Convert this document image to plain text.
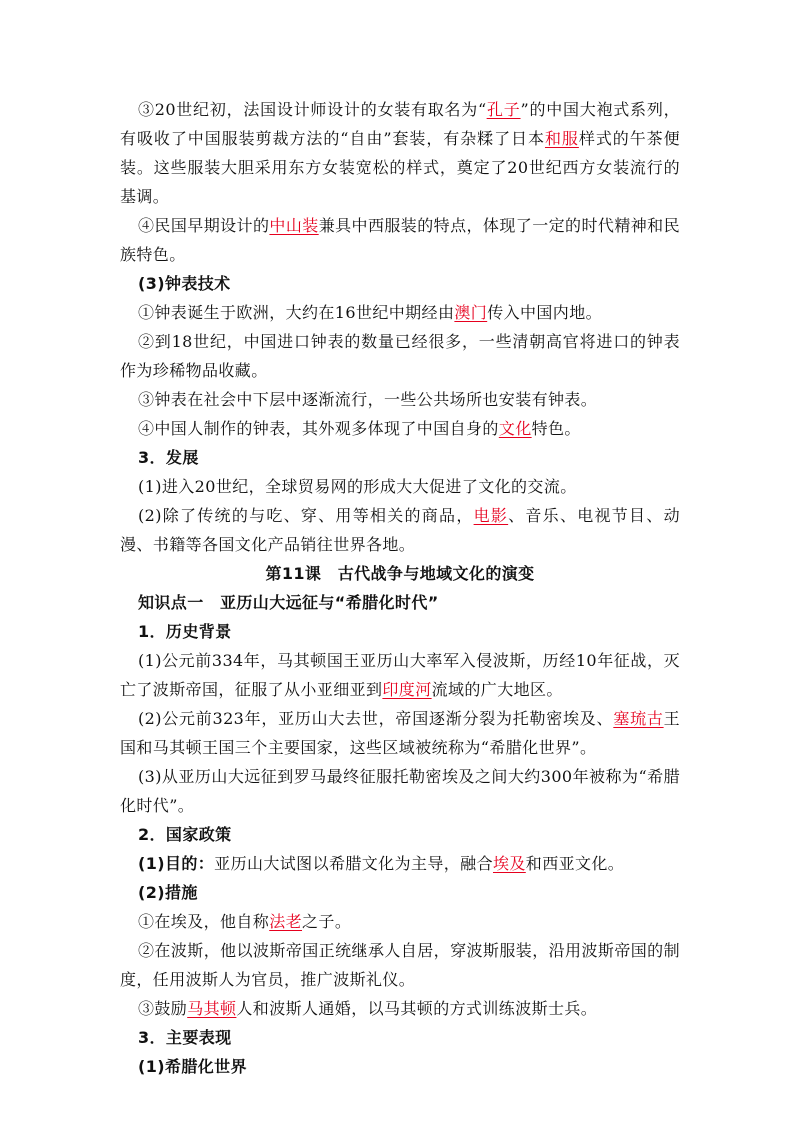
③20世纪初，法国设计师设计的女装有取名为“孔子”的中国大袍式系列，有吸收了中国服装剪裁方法的“自由”套装，有杂糅了日本和服样式的午茶便装。这些服装大胆采用东方女装宽松的样式，奠定了20世纪西方女装流行的基调。

④民国早期设计的中山装兼具中西服装的特点，体现了一定的时代精神和民族特色。

(3)钟表技术

①钟表诞生于欧洲，大约在16世纪中期经由澳门传入中国内地。

②到18世纪，中国进口钟表的数量已经很多，一些清朝高官将进口的钟表作为珍稀物品收藏。

③钟表在社会中下层中逐渐流行，一些公共场所也安装有钟表。

④中国人制作的钟表，其外观多体现了中国自身的文化特色。

3．发展

(1)进入20世纪，全球贸易网的形成大大促进了文化的交流。

(2)除了传统的与吃、穿、用等相关的商品，电影、音乐、电视节目、动漫、书籍等各国文化产品销往世界各地。

第11课　古代战争与地域文化的演变

知识点一　亚历山大远征与“希腊化时代”

1．历史背景

(1)公元前334年，马其顿国王亚历山大率军入侵波斯，历经10年征战，灭亡了波斯帝国，征服了从小亚细亚到印度河流域的广大地区。

(2)公元前323年，亚历山大去世，帝国逐渐分裂为托勒密埃及、塞琉古王国和马其顿王国三个主要国家，这些区域被统称为“希腊化世界”。

(3)从亚历山大远征到罗马最终征服托勒密埃及之间大约300年被称为“希腊化时代”。

2．国家政策

(1)目的：亚历山大试图以希腊文化为主导，融合埃及和西亚文化。

(2)措施

①在埃及，他自称法老之子。

②在波斯，他以波斯帝国正统继承人自居，穿波斯服装，沿用波斯帝国的制度，任用波斯人为官员，推广波斯礼仪。

③鼓励马其顿人和波斯人通婚，以马其顿的方式训练波斯士兵。

3．主要表现

(1)希腊化世界
